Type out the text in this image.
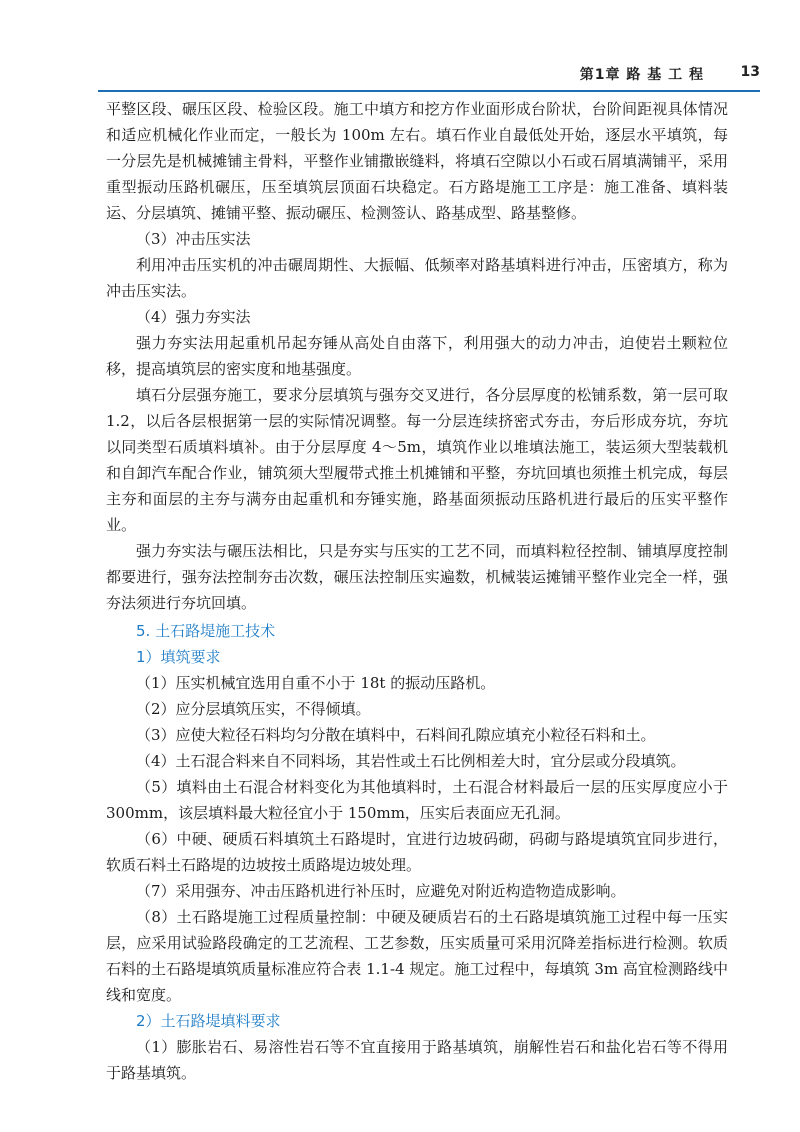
第1章 路 基 工 程	13

平整区段、碾压区段、检验区段。施工中填方和挖方作业面形成台阶状，台阶间距视具体情况和适应机械化作业而定，一般长为 100m 左右。填石作业自最低处开始，逐层水平填筑，每一分层先是机械摊铺主骨料，平整作业铺撒嵌缝料，将填石空隙以小石或石屑填满铺平，采用重型振动压路机碾压，压至填筑层顶面石块稳定。石方路堤施工工序是：施工准备、填料装运、分层填筑、摊铺平整、振动碾压、检测签认、路基成型、路基整修。

（3）冲击压实法

利用冲击压实机的冲击碾周期性、大振幅、低频率对路基填料进行冲击，压密填方，称为冲击压实法。

（4）强力夯实法

强力夯实法用起重机吊起夯锤从高处自由落下，利用强大的动力冲击，迫使岩土颗粒位移，提高填筑层的密实度和地基强度。

填石分层强夯施工，要求分层填筑与强夯交叉进行，各分层厚度的松铺系数，第一层可取 1.2，以后各层根据第一层的实际情况调整。每一分层连续挤密式夯击，夯后形成夯坑，夯坑以同类型石质填料填补。由于分层厚度 4～5m，填筑作业以堆填法施工，装运须大型装载机和自卸汽车配合作业，铺筑须大型履带式推土机摊铺和平整，夯坑回填也须推土机完成，每层主夯和面层的主夯与满夯由起重机和夯锤实施，路基面须振动压路机进行最后的压实平整作业。

强力夯实法与碾压法相比，只是夯实与压实的工艺不同，而填料粒径控制、铺填厚度控制都要进行，强夯法控制夯击次数，碾压法控制压实遍数，机械装运摊铺平整作业完全一样，强夯法须进行夯坑回填。

5. 土石路堤施工技术

1）填筑要求

（1）压实机械宜选用自重不小于 18t 的振动压路机。

（2）应分层填筑压实，不得倾填。

（3）应使大粒径石料均匀分散在填料中，石料间孔隙应填充小粒径石料和土。

（4）土石混合料来自不同料场，其岩性或土石比例相差大时，宜分层或分段填筑。

（5）填料由土石混合材料变化为其他填料时，土石混合材料最后一层的压实厚度应小于 300mm，该层填料最大粒径宜小于 150mm，压实后表面应无孔洞。

（6）中硬、硬质石料填筑土石路堤时，宜进行边坡码砌，码砌与路堤填筑宜同步进行，软质石料土石路堤的边坡按土质路堤边坡处理。

（7）采用强夯、冲击压路机进行补压时，应避免对附近构造物造成影响。

（8）土石路堤施工过程质量控制：中硬及硬质岩石的土石路堤填筑施工过程中每一压实层，应采用试验路段确定的工艺流程、工艺参数，压实质量可采用沉降差指标进行检测。软质石料的土石路堤填筑质量标准应符合表 1.1-4 规定。施工过程中，每填筑 3m 高宜检测路线中线和宽度。

2）土石路堤填料要求

（1）膨胀岩石、易溶性岩石等不宜直接用于路基填筑，崩解性岩石和盐化岩石等不得用于路基填筑。
